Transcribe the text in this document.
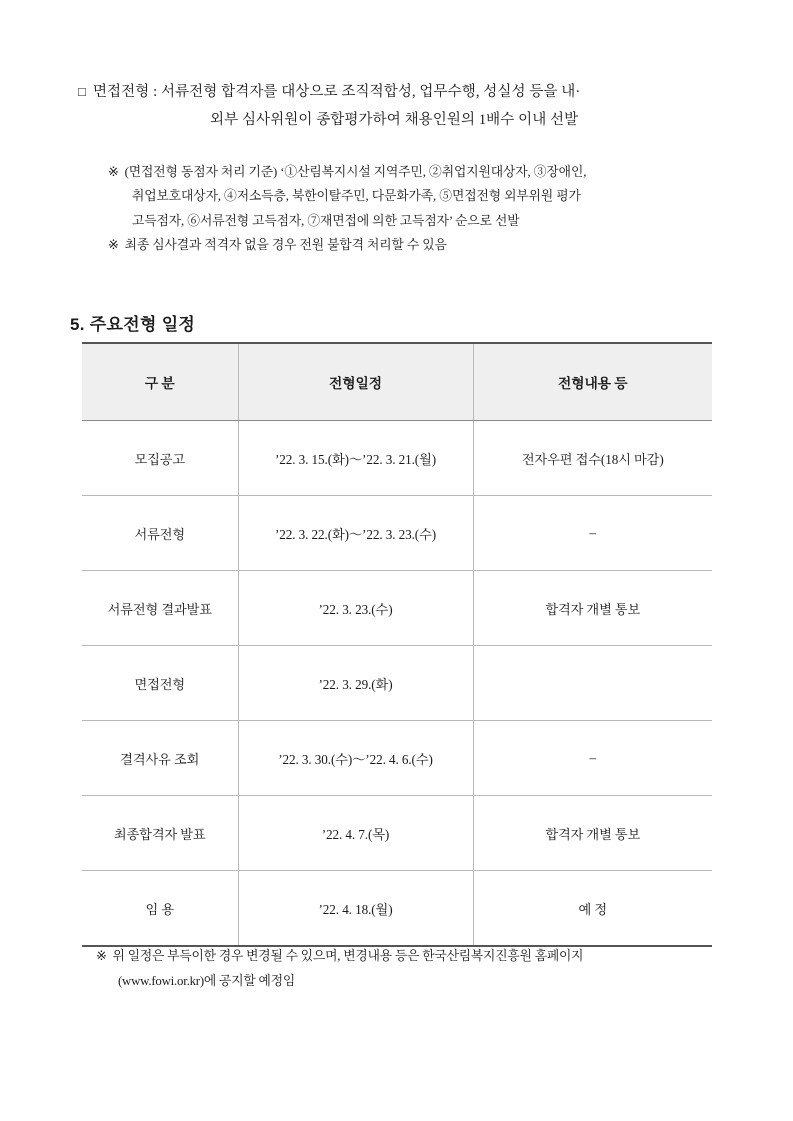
□ 면접전형 : 서류전형 합격자를 대상으로 조직적합성, 업무수행, 성실성 등을 내·
외부 심사위원이 종합평가하여 채용인원의 1배수 이내 선발
※ (면접전형 동점자 처리 기준) ‘①산림복지시설 지역주민, ②취업지원대상자, ③장애인,
취업보호대상자, ④저소득층, 북한이탈주민, 다문화가족, ⑤면접전형 외부위원 평가
고득점자, ⑥서류전형 고득점자, ⑦재면접에 의한 고득점자’ 순으로 선발
※ 최종 심사결과 적격자 없을 경우 전원 불합격 처리할 수 있음
5. 주요전형 일정
구 분	전형일정	전형내용 등
모집공고	’22. 3. 15.(화)～’22. 3. 21.(월)	전자우편 접수(18시 마감)
서류전형	’22. 3. 22.(화)～’22. 3. 23.(수)	–
서류전형 결과발표	’22. 3. 23.(수)	합격자 개별 통보
면접전형	’22. 3. 29.(화)	
결격사유 조회	’22. 3. 30.(수)～’22. 4. 6.(수)	–
최종합격자 발표	’22. 4. 7.(목)	합격자 개별 통보
임 용	’22. 4. 18.(월)	예 정
※ 위 일정은 부득이한 경우 변경될 수 있으며, 변경내용 등은 한국산림복지진흥원 홈페이지
(www.fowi.or.kr)에 공지할 예정임
